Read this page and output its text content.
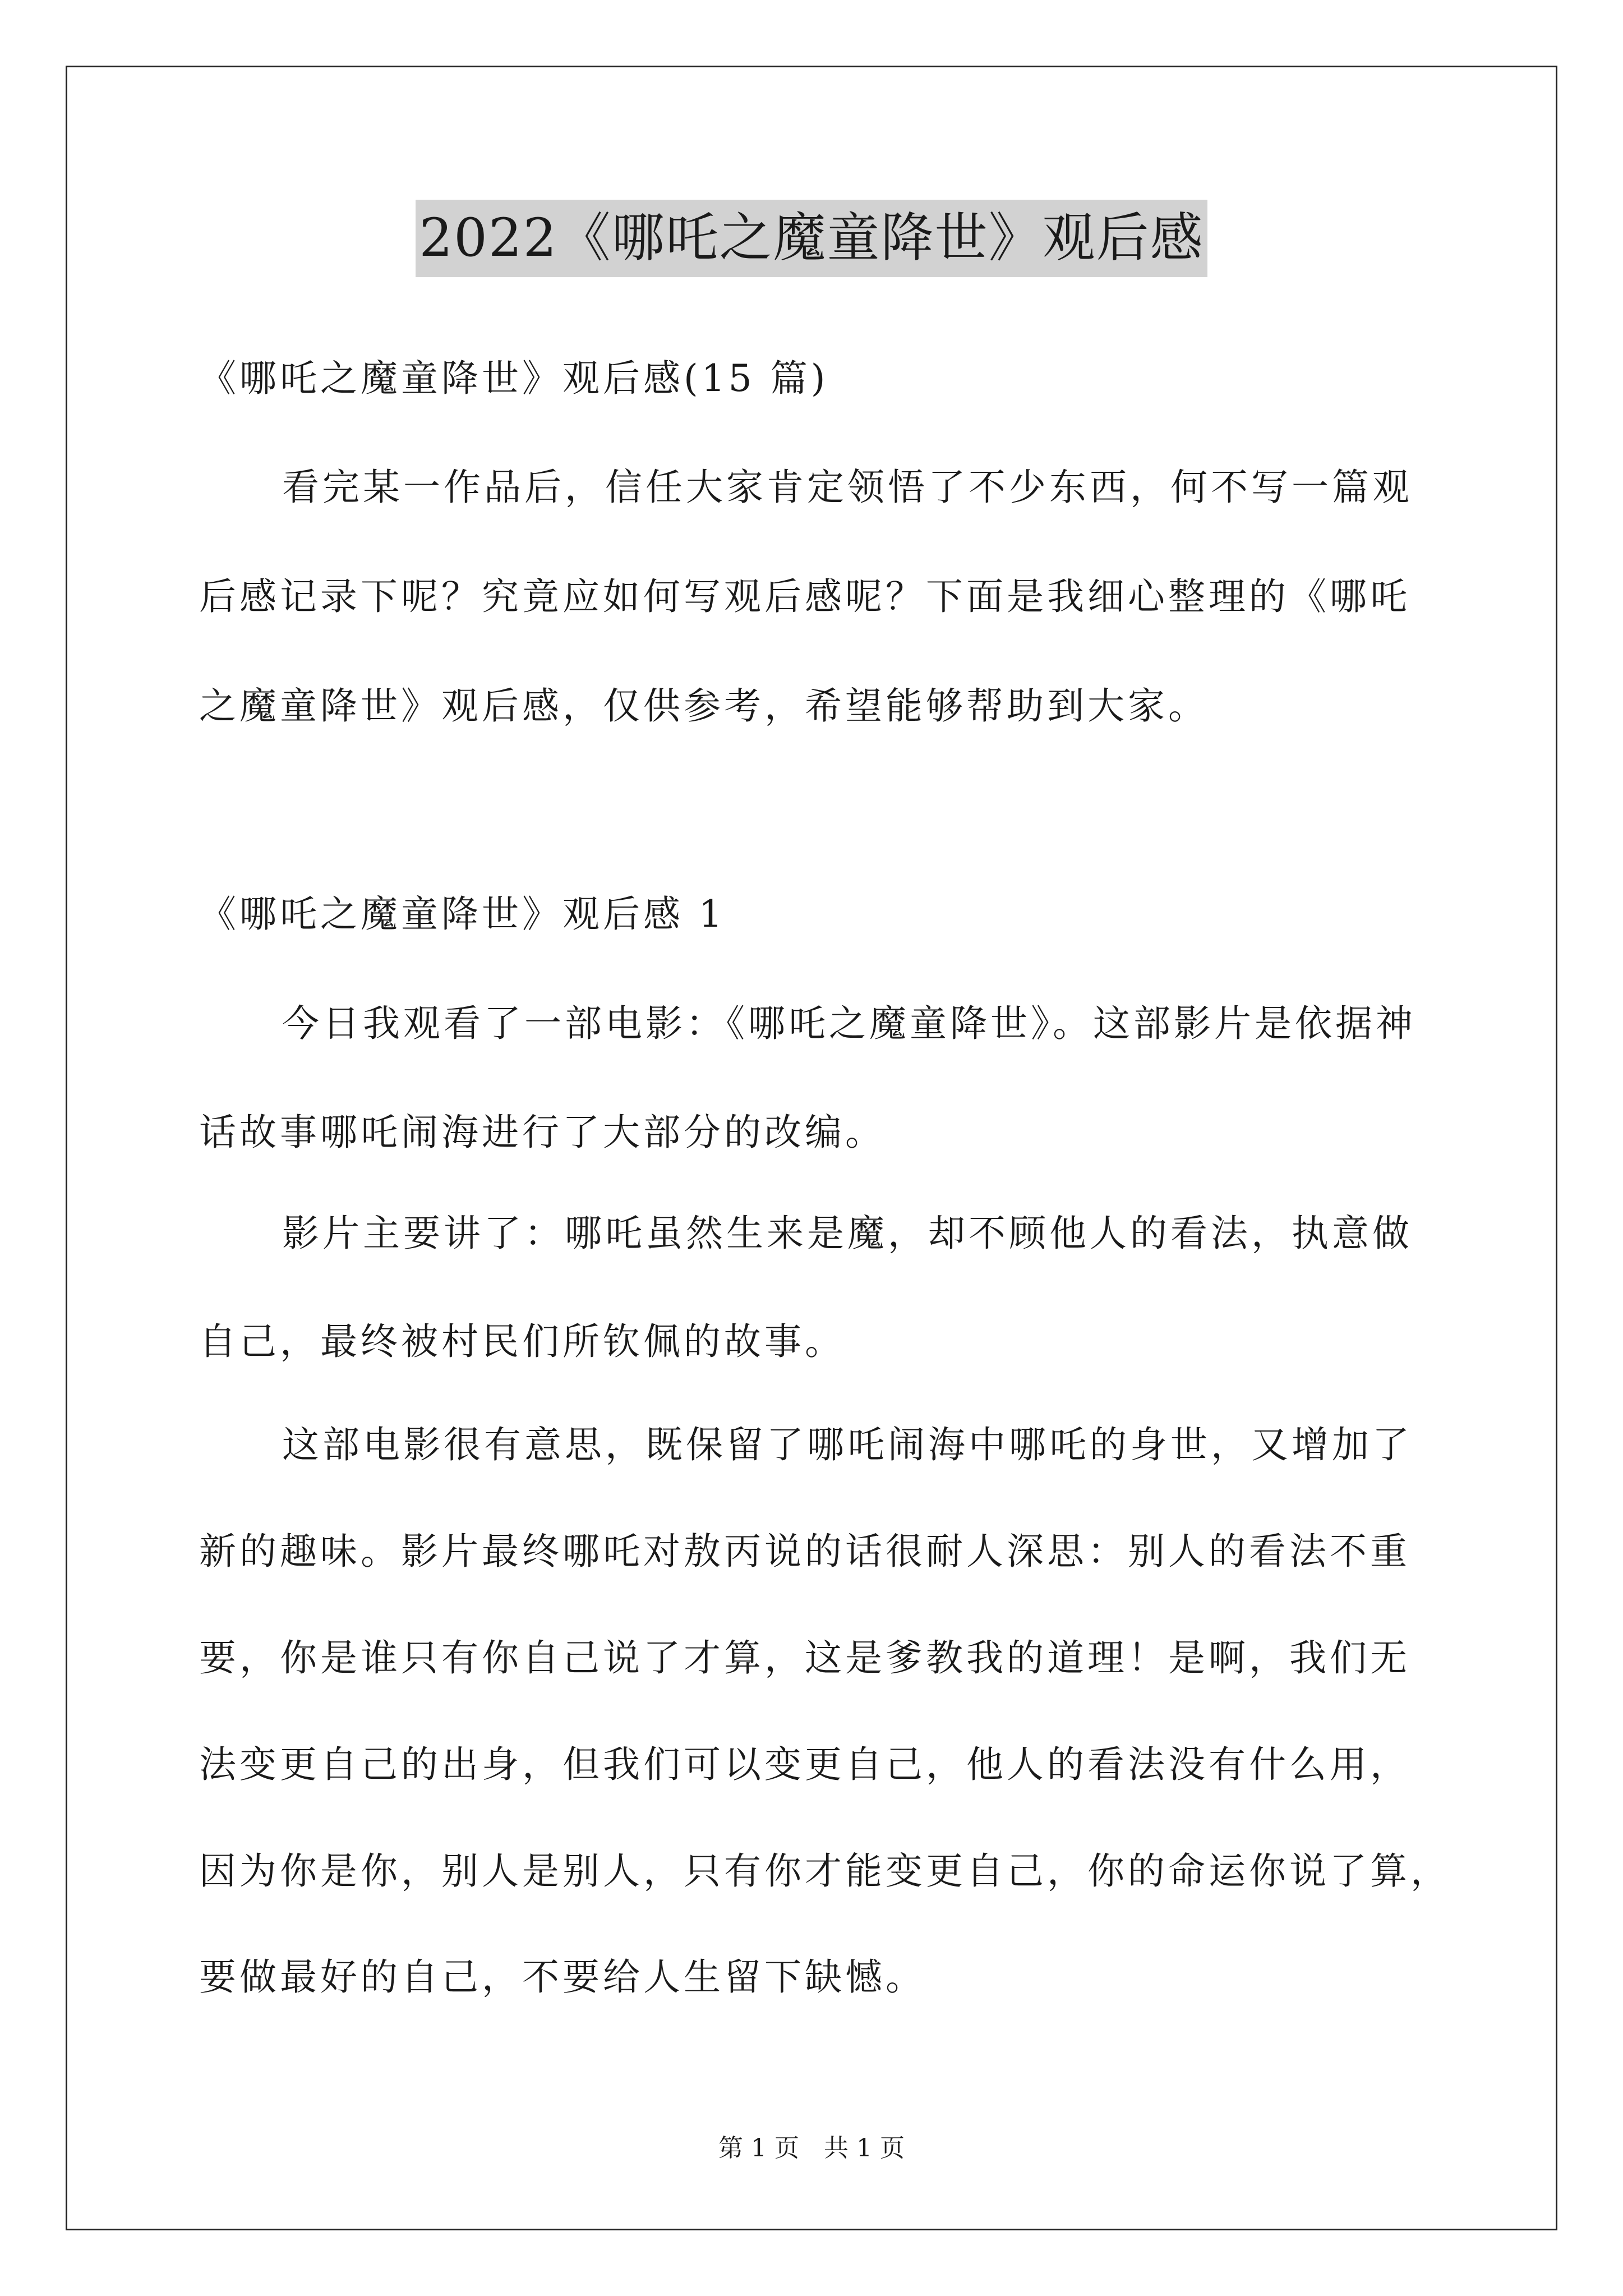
2022《哪吒之魔童降世》观后感
《哪吒之魔童降世》观后感(15 篇)
看完某一作品后，信任大家肯定领悟了不少东西，何不写一篇观
后感记录下呢？究竟应如何写观后感呢？下面是我细心整理的《哪吒
之魔童降世》观后感，仅供参考，希望能够帮助到大家。
《哪吒之魔童降世》观后感 1
今日我观看了一部电影：《哪吒之魔童降世》。这部影片是依据神
话故事哪吒闹海进行了大部分的改编。
影片主要讲了：哪吒虽然生来是魔，却不顾他人的看法，执意做
自己，最终被村民们所钦佩的故事。
这部电影很有意思，既保留了哪吒闹海中哪吒的身世，又增加了
新的趣味。影片最终哪吒对敖丙说的话很耐人深思：别人的看法不重
要，你是谁只有你自己说了才算，这是爹教我的道理！是啊，我们无
法变更自己的出身，但我们可以变更自己，他人的看法没有什么用，
因为你是你，别人是别人，只有你才能变更自己，你的命运你说了算，
要做最好的自己，不要给人生留下缺憾。
第 1 页　共 1 页
